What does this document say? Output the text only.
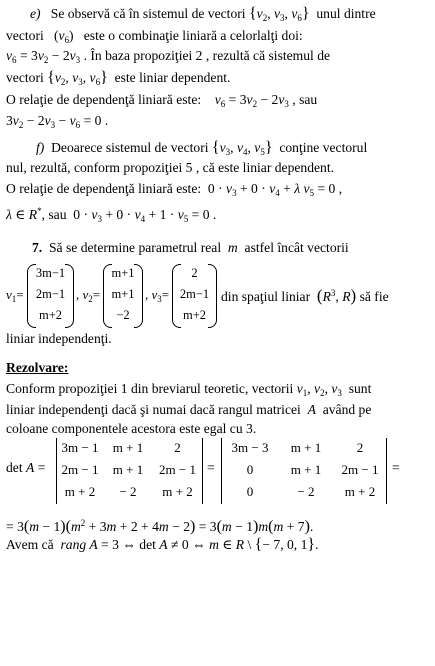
e) Se observă că în sistemul de vectori {$v_2$, $v_3$, $v_6$} unul dintre
vectori   $(v_6)$   este o combinaţie liniară a celorlalţi doi:
$v_6 = 3v_2 - 2v_3$ . În baza propoziţiei 2 , rezultă că sistemul de
vectori {$v_2$, $v_3$, $v_6$} este liniar dependent.
O relaţie de dependenţă liniară este: $v_6 = 3v_2 - 2v_3$ , sau
$3v_2 - 2v_3 - v_6 = 0$ .
f) Deoarece sistemul de vectori {$v_3$, $v_4$, $v_5$} conţine vectorul
nul, rezultă, conform propoziţiei 5 , că este liniar dependent.
O relaţie de dependenţă liniară este:  $0 \cdot v_3 + 0 \cdot v_4 + \lambda$ $v_5 = 0$ ,
λ ∈ R*, sau  $0 \cdot v_3 + 0 \cdot v_4 + 1 \cdot v_5 = 0$ .
7. Să se determine parametrul real m astfel încât vectorii
$v_1=$
3m−1
2m−1
m+2
, $v_2=$
m+1
m+1
−2
, $v_3=$
2
2m−1
m+2
din spaţiul liniar ($R^3$, R) să fie
liniar independenţi.
Rezolvare:
Conform propoziţiei 1 din breviarul teoretic, vectorii $v_1$, $v_2$, $v_3$ sunt
liniar independenţi dacă şi numai dacă rangul matricei A având pe
coloane componentele acestora este egal cu 3.
det A =
3m − 1	m + 1	2
2m − 1	m + 1	2m − 1
m + 2	− 2	m + 2
=
3m − 3	m + 1	2
0	m + 1	2m − 1
0	− 2	m + 2
=
= $3(m - 1)(m^2 + 3m + 2 + 4m - 2) = 3(m - 1)m(m + 7)$.
Avem că rang A = 3 ⇔ det A ≠ 0 ⇔ m ∈ R \ {− 7, 0, 1}.
